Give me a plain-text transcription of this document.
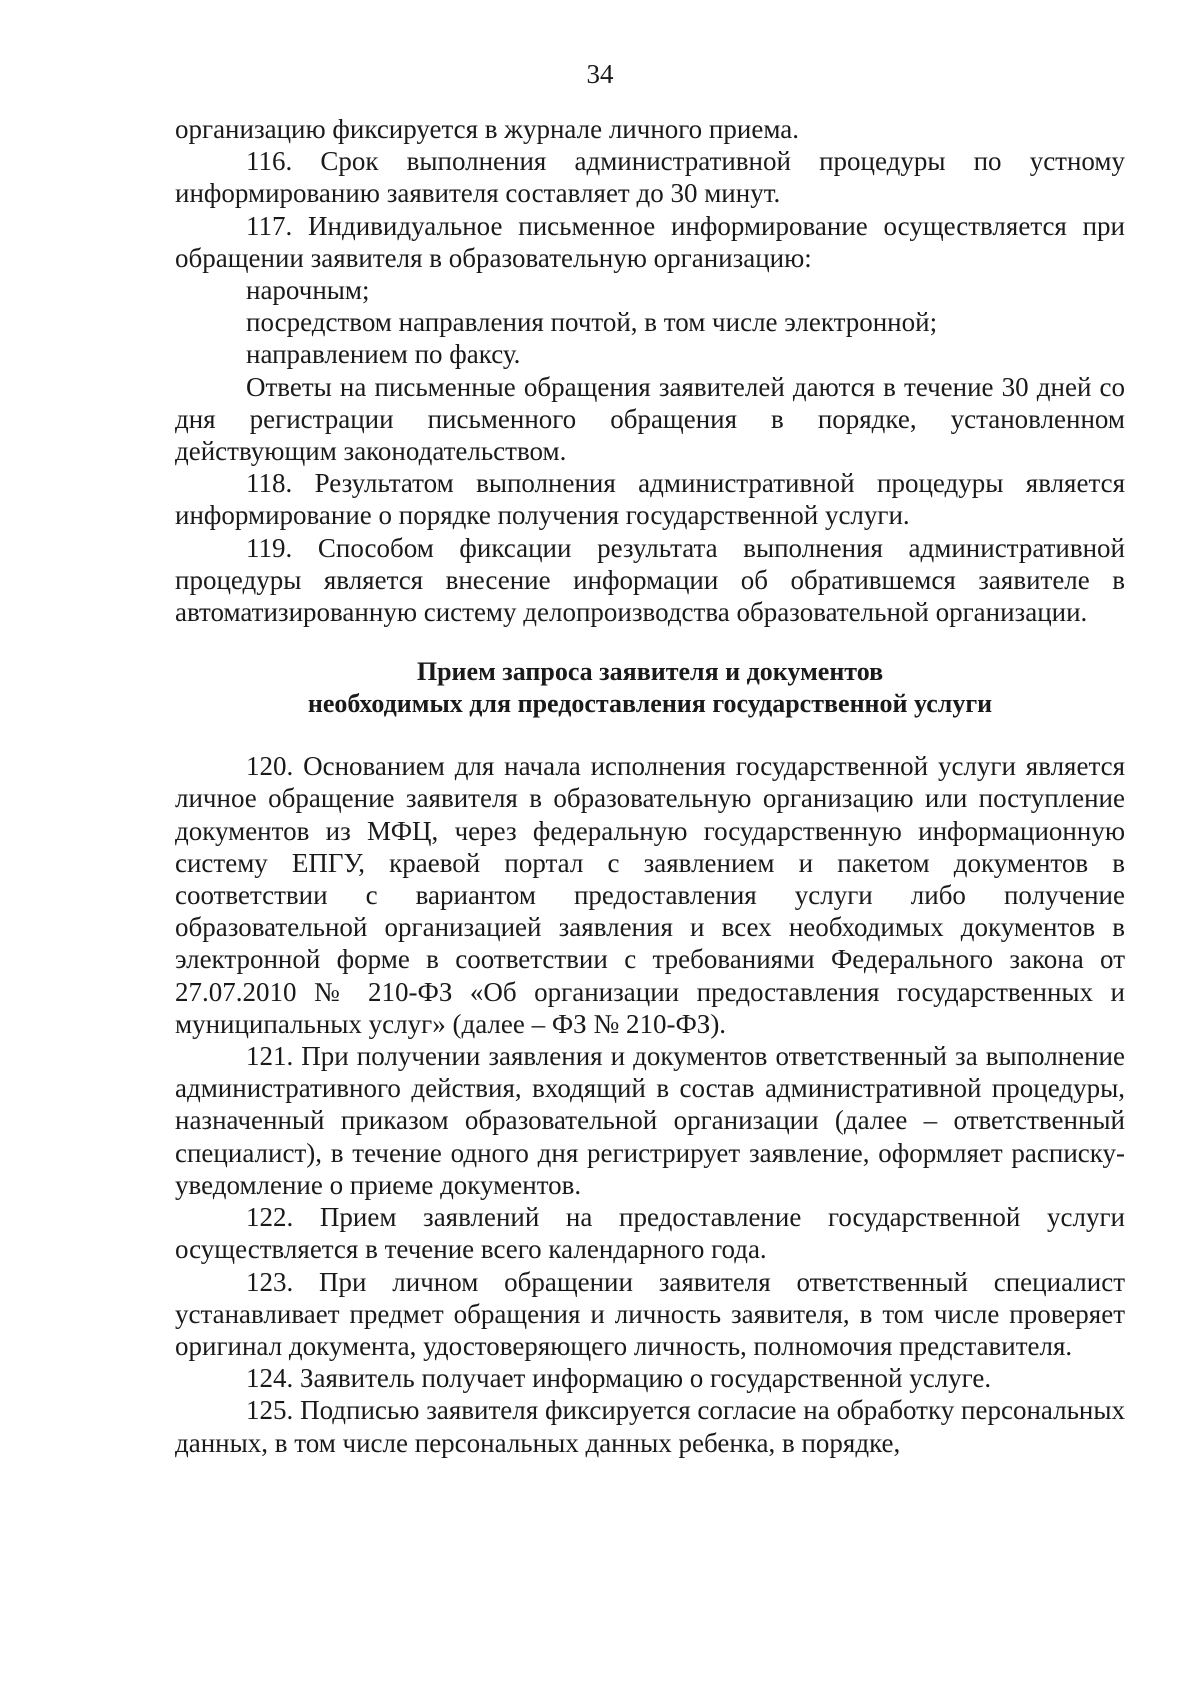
34

организацию фиксируется в журнале личного приема.

116. Срок выполнения административной процедуры по устному информированию заявителя составляет до 30 минут.

117. Индивидуальное письменное информирование осуществляется при обращении заявителя в образовательную организацию:

нарочным;

посредством направления почтой, в том числе электронной;

направлением по факсу.

Ответы на письменные обращения заявителей даются в течение 30 дней со дня регистрации письменного обращения в порядке, установленном действующим законодательством.

118. Результатом выполнения административной процедуры является информирование о порядке получения государственной услуги.

119. Способом фиксации результата выполнения административной процедуры является внесение информации об обратившемся заявителе в автоматизированную систему делопроизводства образовательной организации.

Прием запроса заявителя и документов
необходимых для предоставления государственной услуги

120. Основанием для начала исполнения государственной услуги является личное обращение заявителя в образовательную организацию или поступление документов из МФЦ, через федеральную государственную информационную систему ЕПГУ, краевой портал с заявлением и пакетом документов в соответствии с вариантом предоставления услуги либо получение образовательной организацией заявления и всех необходимых документов в электронной форме в соответствии с требованиями Федерального закона от 27.07.2010 № 210-ФЗ «Об организации предоставления государственных и муниципальных услуг» (далее – ФЗ № 210-ФЗ).

121. При получении заявления и документов ответственный за выполнение административного действия, входящий в состав административной процедуры, назначенный приказом образовательной организации (далее – ответственный специалист), в течение одного дня регистрирует заявление, оформляет расписку-уведомление о приеме документов.

122. Прием заявлений на предоставление государственной услуги осуществляется в течение всего календарного года.

123. При личном обращении заявителя ответственный специалист устанавливает предмет обращения и личность заявителя, в том числе проверяет оригинал документа, удостоверяющего личность, полномочия представителя.

124. Заявитель получает информацию о государственной услуге.

125. Подписью заявителя фиксируется согласие на обработку персональных данных, в том числе персональных данных ребенка, в порядке,
